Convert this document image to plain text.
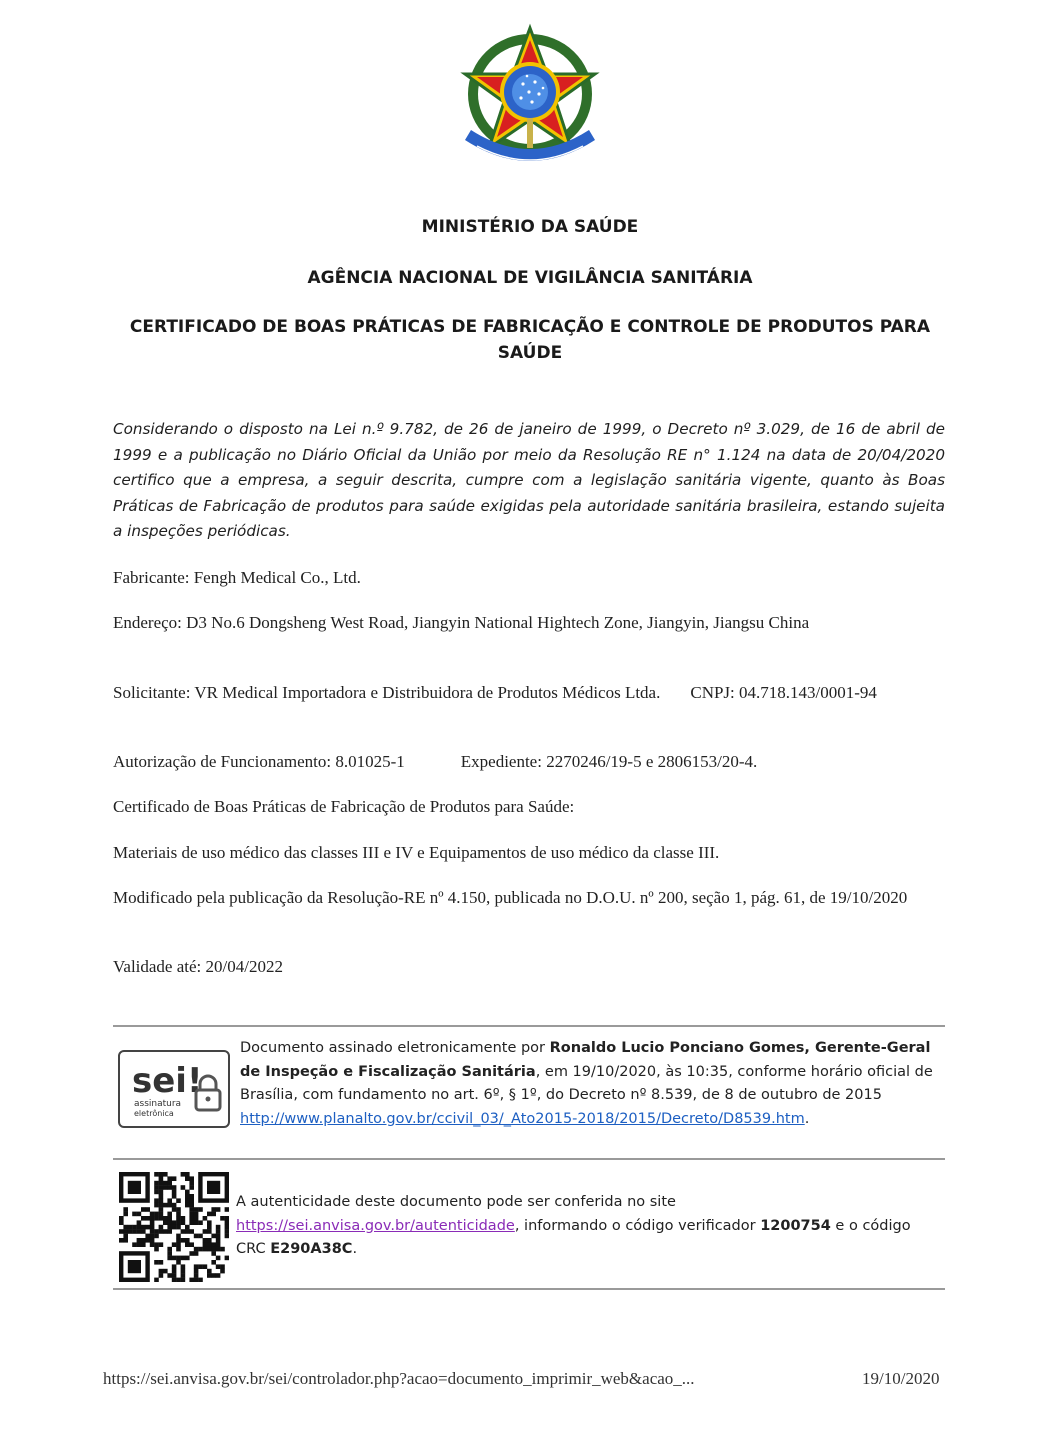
MINISTÉRIO DA SAÚDE
AGÊNCIA NACIONAL DE VIGILÂNCIA SANITÁRIA
CERTIFICADO DE BOAS PRÁTICAS DE FABRICAÇÃO E CONTROLE DE PRODUTOS PARA
SAÚDE

Considerando o disposto na Lei n.º 9.782, de 26 de janeiro de 1999, o Decreto nº 3.029, de 16 de abril de 1999 e a publicação no Diário Oficial da União por meio da Resolução RE n° 1.124 na data de 20/04/2020 certifico que a empresa, a seguir descrita, cumpre com a legislação sanitária vigente, quanto às Boas Práticas de Fabricação de produtos para saúde exigidas pela autoridade sanitária brasileira, estando sujeita a inspeções periódicas.

Fabricante: Fengh Medical Co., Ltd.

Endereço: D3 No.6 Dongsheng West Road, Jiangyin National Hightech Zone, Jiangyin, Jiangsu China

Solicitante: VR Medical Importadora e Distribuidora de Produtos Médicos Ltda. CNPJ: 04.718.143/0001-94

Autorização de Funcionamento: 8.01025-1	Expediente: 2270246/19-5 e 2806153/20-4.

Certificado de Boas Práticas de Fabricação de Produtos para Saúde:

Materiais de uso médico das classes III e IV e Equipamentos de uso médico da classe III.

Modificado pela publicação da Resolução-RE nº 4.150, publicada no D.O.U. nº 200, seção 1, pág. 61, de 19/10/2020

Validade até: 20/04/2022

sei!
assinatura
eletrônica

Documento assinado eletronicamente por Ronaldo Lucio Ponciano Gomes, Gerente-Geral de Inspeção e Fiscalização Sanitária, em 19/10/2020, às 10:35, conforme horário oficial de Brasília, com fundamento no art. 6º, § 1º, do Decreto nº 8.539, de 8 de outubro de 2015 http://www.planalto.gov.br/ccivil_03/_Ato2015-2018/2015/Decreto/D8539.htm.

A autenticidade deste documento pode ser conferida no site https://sei.anvisa.gov.br/autenticidade, informando o código verificador 1200754 e o código CRC E290A38C.

https://sei.anvisa.gov.br/sei/controlador.php?acao=documento_imprimir_web&acao_...	19/10/2020
